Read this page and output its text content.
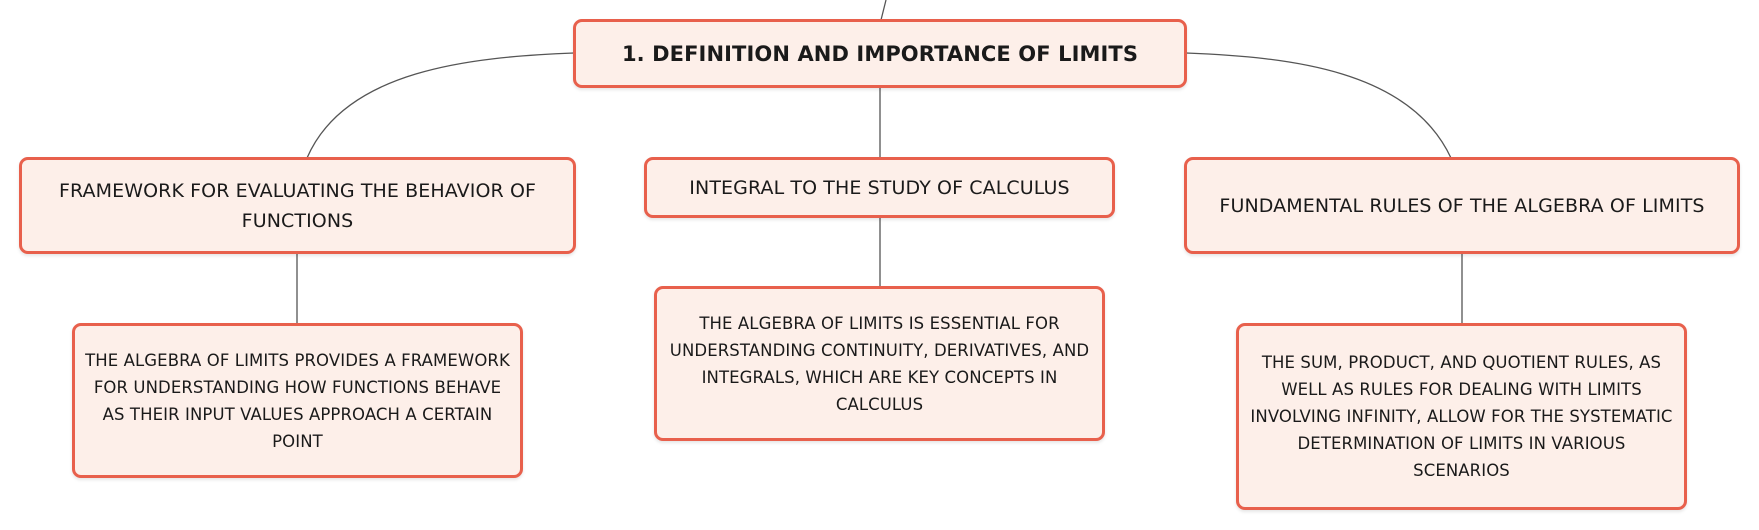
1. DEFINITION AND IMPORTANCE OF LIMITS
FRAMEWORK FOR EVALUATING THE BEHAVIOR OF FUNCTIONS
INTEGRAL TO THE STUDY OF CALCULUS
FUNDAMENTAL RULES OF THE ALGEBRA OF LIMITS
THE ALGEBRA OF LIMITS PROVIDES A FRAMEWORK FOR UNDERSTANDING HOW FUNCTIONS BEHAVE AS THEIR INPUT VALUES APPROACH A CERTAIN POINT
THE ALGEBRA OF LIMITS IS ESSENTIAL FOR UNDERSTANDING CONTINUITY, DERIVATIVES, AND INTEGRALS, WHICH ARE KEY CONCEPTS IN CALCULUS
THE SUM, PRODUCT, AND QUOTIENT RULES, AS WELL AS RULES FOR DEALING WITH LIMITS INVOLVING INFINITY, ALLOW FOR THE SYSTEMATIC DETERMINATION OF LIMITS IN VARIOUS SCENARIOS
